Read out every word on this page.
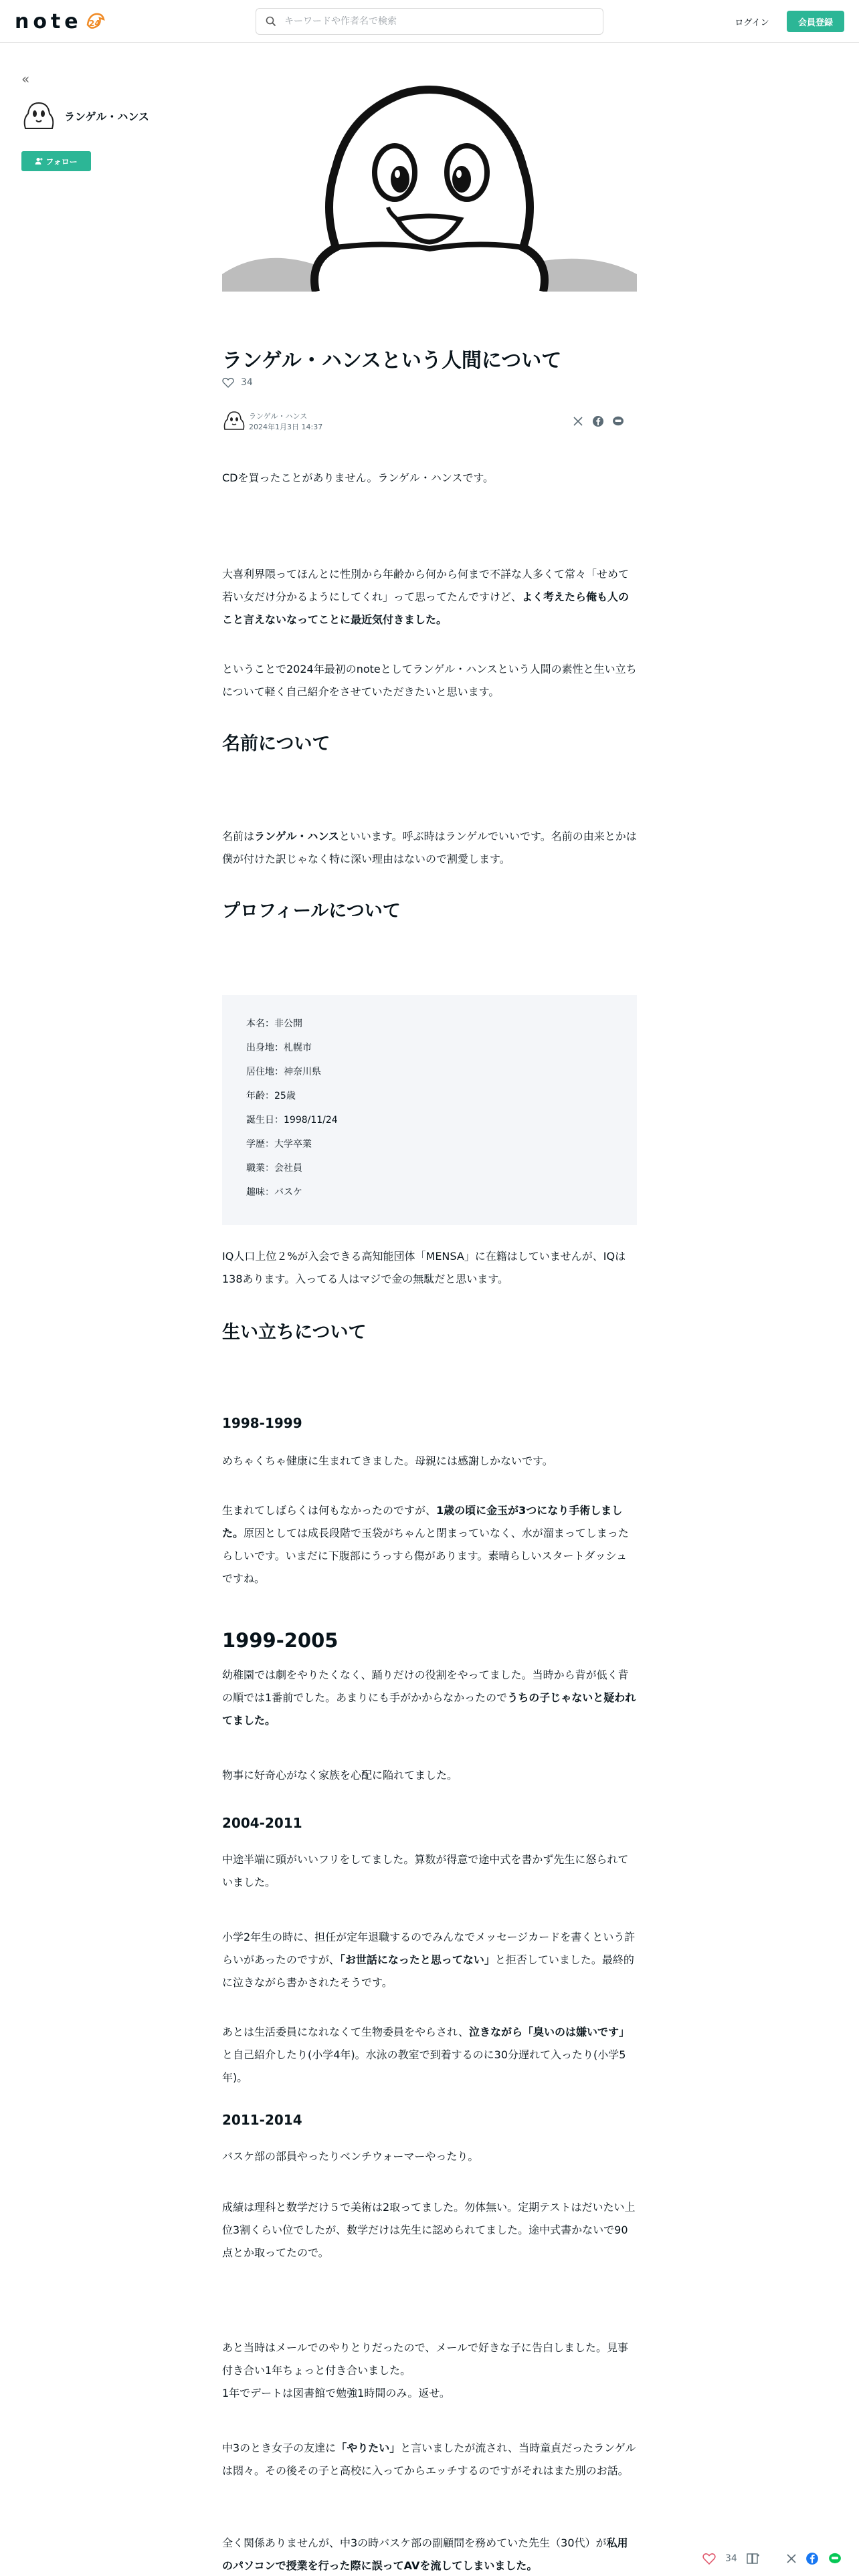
note 24
キーワードや作者名で検索	ログイン	会員登録
«
ランゲル・ハンス
フォロー
ランゲル・ハンスという人間について
34
ランゲル・ハンス
2024年1月3日 14:37

CDを買ったことがありません。ランゲル・ハンスです。

大喜利界隈ってほんとに性別から年齢から何から何まで不詳な人多くて常々「せめて若い女だけ分かるようにしてくれ」って思ってたんですけど、よく考えたら俺も人のこと言えないなってことに最近気付きました。

ということで2024年最初のnoteとしてランゲル・ハンスという人間の素性と生い立ちについて軽く自己紹介をさせていただきたいと思います。

名前について

名前はランゲル・ハンスといいます。呼ぶ時はランゲルでいいです。名前の由来とかは僕が付けた訳じゃなく特に深い理由はないので割愛します。

プロフィールについて
本名：非公開
出身地：札幌市
居住地：神奈川県
年齢：25歳
誕生日：1998/11/24
学歴：大学卒業
職業：会社員
趣味：バスケ

IQ人口上位２%が入会できる高知能団体「MENSA」に在籍はしていませんが、IQは138あります。入ってる人はマジで金の無駄だと思います。

生い立ちについて
1998-1999

めちゃくちゃ健康に生まれてきました。母親には感謝しかないです。

生まれてしばらくは何もなかったのですが、1歳の頃に金玉が3つになり手術しました。原因としては成長段階で玉袋がちゃんと閉まっていなく、水が溜まってしまったらしいです。いまだに下腹部にうっすら傷があります。素晴らしいスタートダッシュですね。

1999-2005

幼稚園では劇をやりたくなく、踊りだけの役割をやってました。当時から背が低く背の順では1番前でした。あまりにも手がかからなかったのでうちの子じゃないと疑われてました。

物事に好奇心がなく家族を心配に陥れてました。

2004-2011

中途半端に頭がいいフリをしてました。算数が得意で途中式を書かず先生に怒られていました。

小学2年生の時に、担任が定年退職するのでみんなでメッセージカードを書くという許らいがあったのですが、「お世話になったと思ってない」と拒否していました。最終的に泣きながら書かされたそうです。

あとは生活委員になれなくて生物委員をやらされ、泣きながら「臭いのは嫌いです」と自己紹介したり(小学4年)。水泳の教室で到着するのに30分遅れて入ったり(小学5年)。

2011-2014

バスケ部の部員やったりベンチウォーマーやったり。

成績は理科と数学だけ５で美術は2取ってました。勿体無い。定期テストはだいたい上位3割くらい位でしたが、数学だけは先生に認められてました。途中式書かないで90点とか取ってたので。

あと当時はメールでのやりとりだったので、メールで好きな子に告白しました。見事付き合い1年ちょっと付き合いました。
1年でデートは図書館で勉強1時間のみ。返せ。

中3のとき女子の友達に「やりたい」と言いましたが流され、当時童貞だったランゲルは悶々。その後その子と高校に入ってからエッチするのですがそれはまた別のお話。

全く関係ありませんが、中3の時バスケ部の副顧問を務めていた先生（30代）が私用のパソコンで授業を行った際に誤ってAVを流してしまいました。

34
